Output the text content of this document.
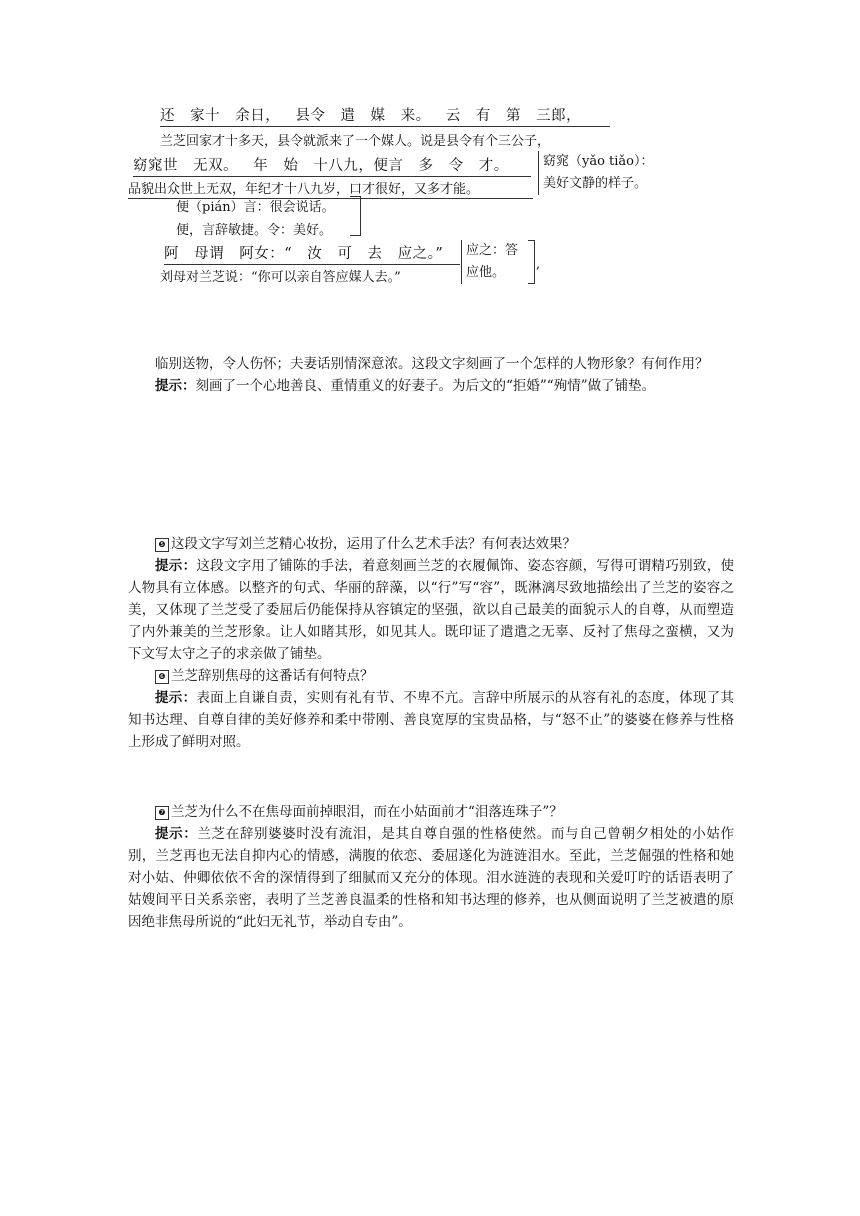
还 家十 余日， 县令 遣 媒 来。 云 有 第 三郎，
兰芝回家才十多天，县令就派来了一个媒人。说是县令有个三公子，
窈窕世 无双。 年 始 十八九，便言 多 令 才。
品貌出众世上无双，年纪才十八九岁，口才很好，又多才能。
窈窕（yǎo tiǎo）：
美好文静的样子。
便（pián）言：很会说话。
便，言辞敏捷。令：美好。
阿 母谓 阿女：“ 汝 可 去 应之。”
刘母对兰芝说：“你可以亲自答应媒人去。”
应之：答
应他。
,
临别送物，令人伤怀；夫妻话别情深意浓。这段文字刻画了一个怎样的人物形象？有何作用？
提示：刻画了一个心地善良、重情重义的好妻子。为后文的“拒婚”“殉情”做了铺垫。
❺ 这段文字写刘兰芝精心妆扮，运用了什么艺术手法？有何表达效果？
提示：这段文字用了铺陈的手法，着意刻画兰芝的衣履佩饰、姿态容颜，写得可谓精巧别致，使人物具有立体感。以整齐的句式、华丽的辞藻，以“行”写“容”，既淋漓尽致地描绘出了兰芝的姿容之美，又体现了兰芝受了委屈后仍能保持从容镇定的坚强，欲以自己最美的面貌示人的自尊，从而塑造了内外兼美的兰芝形象。让人如睹其形，如见其人。既印证了遣遣之无辜、反衬了焦母之蛮横，又为下文写太守之子的求亲做了铺垫。
❻ 兰芝辞别焦母的这番话有何特点？
提示：表面上自谦自责，实则有礼有节、不卑不亢。言辞中所展示的从容有礼的态度，体现了其知书达理、自尊自律的美好修养和柔中带刚、善良宽厚的宝贵品格，与“怒不止”的婆婆在修养与性格上形成了鲜明对照。
❼ 兰芝为什么不在焦母面前掉眼泪，而在小姑面前才“泪落连珠子”？
提示：兰芝在辞别婆婆时没有流泪，是其自尊自强的性格使然。而与自己曾朝夕相处的小姑作别，兰芝再也无法自抑内心的情感，满腹的依恋、委屈遂化为涟涟泪水。至此，兰芝倔强的性格和她对小姑、仲卿依依不舍的深情得到了细腻而又充分的体现。泪水涟涟的表现和关爱叮咛的话语表明了姑嫂间平日关系亲密，表明了兰芝善良温柔的性格和知书达理的修养，也从侧面说明了兰芝被遣的原因绝非焦母所说的“此妇无礼节，举动自专由”。
